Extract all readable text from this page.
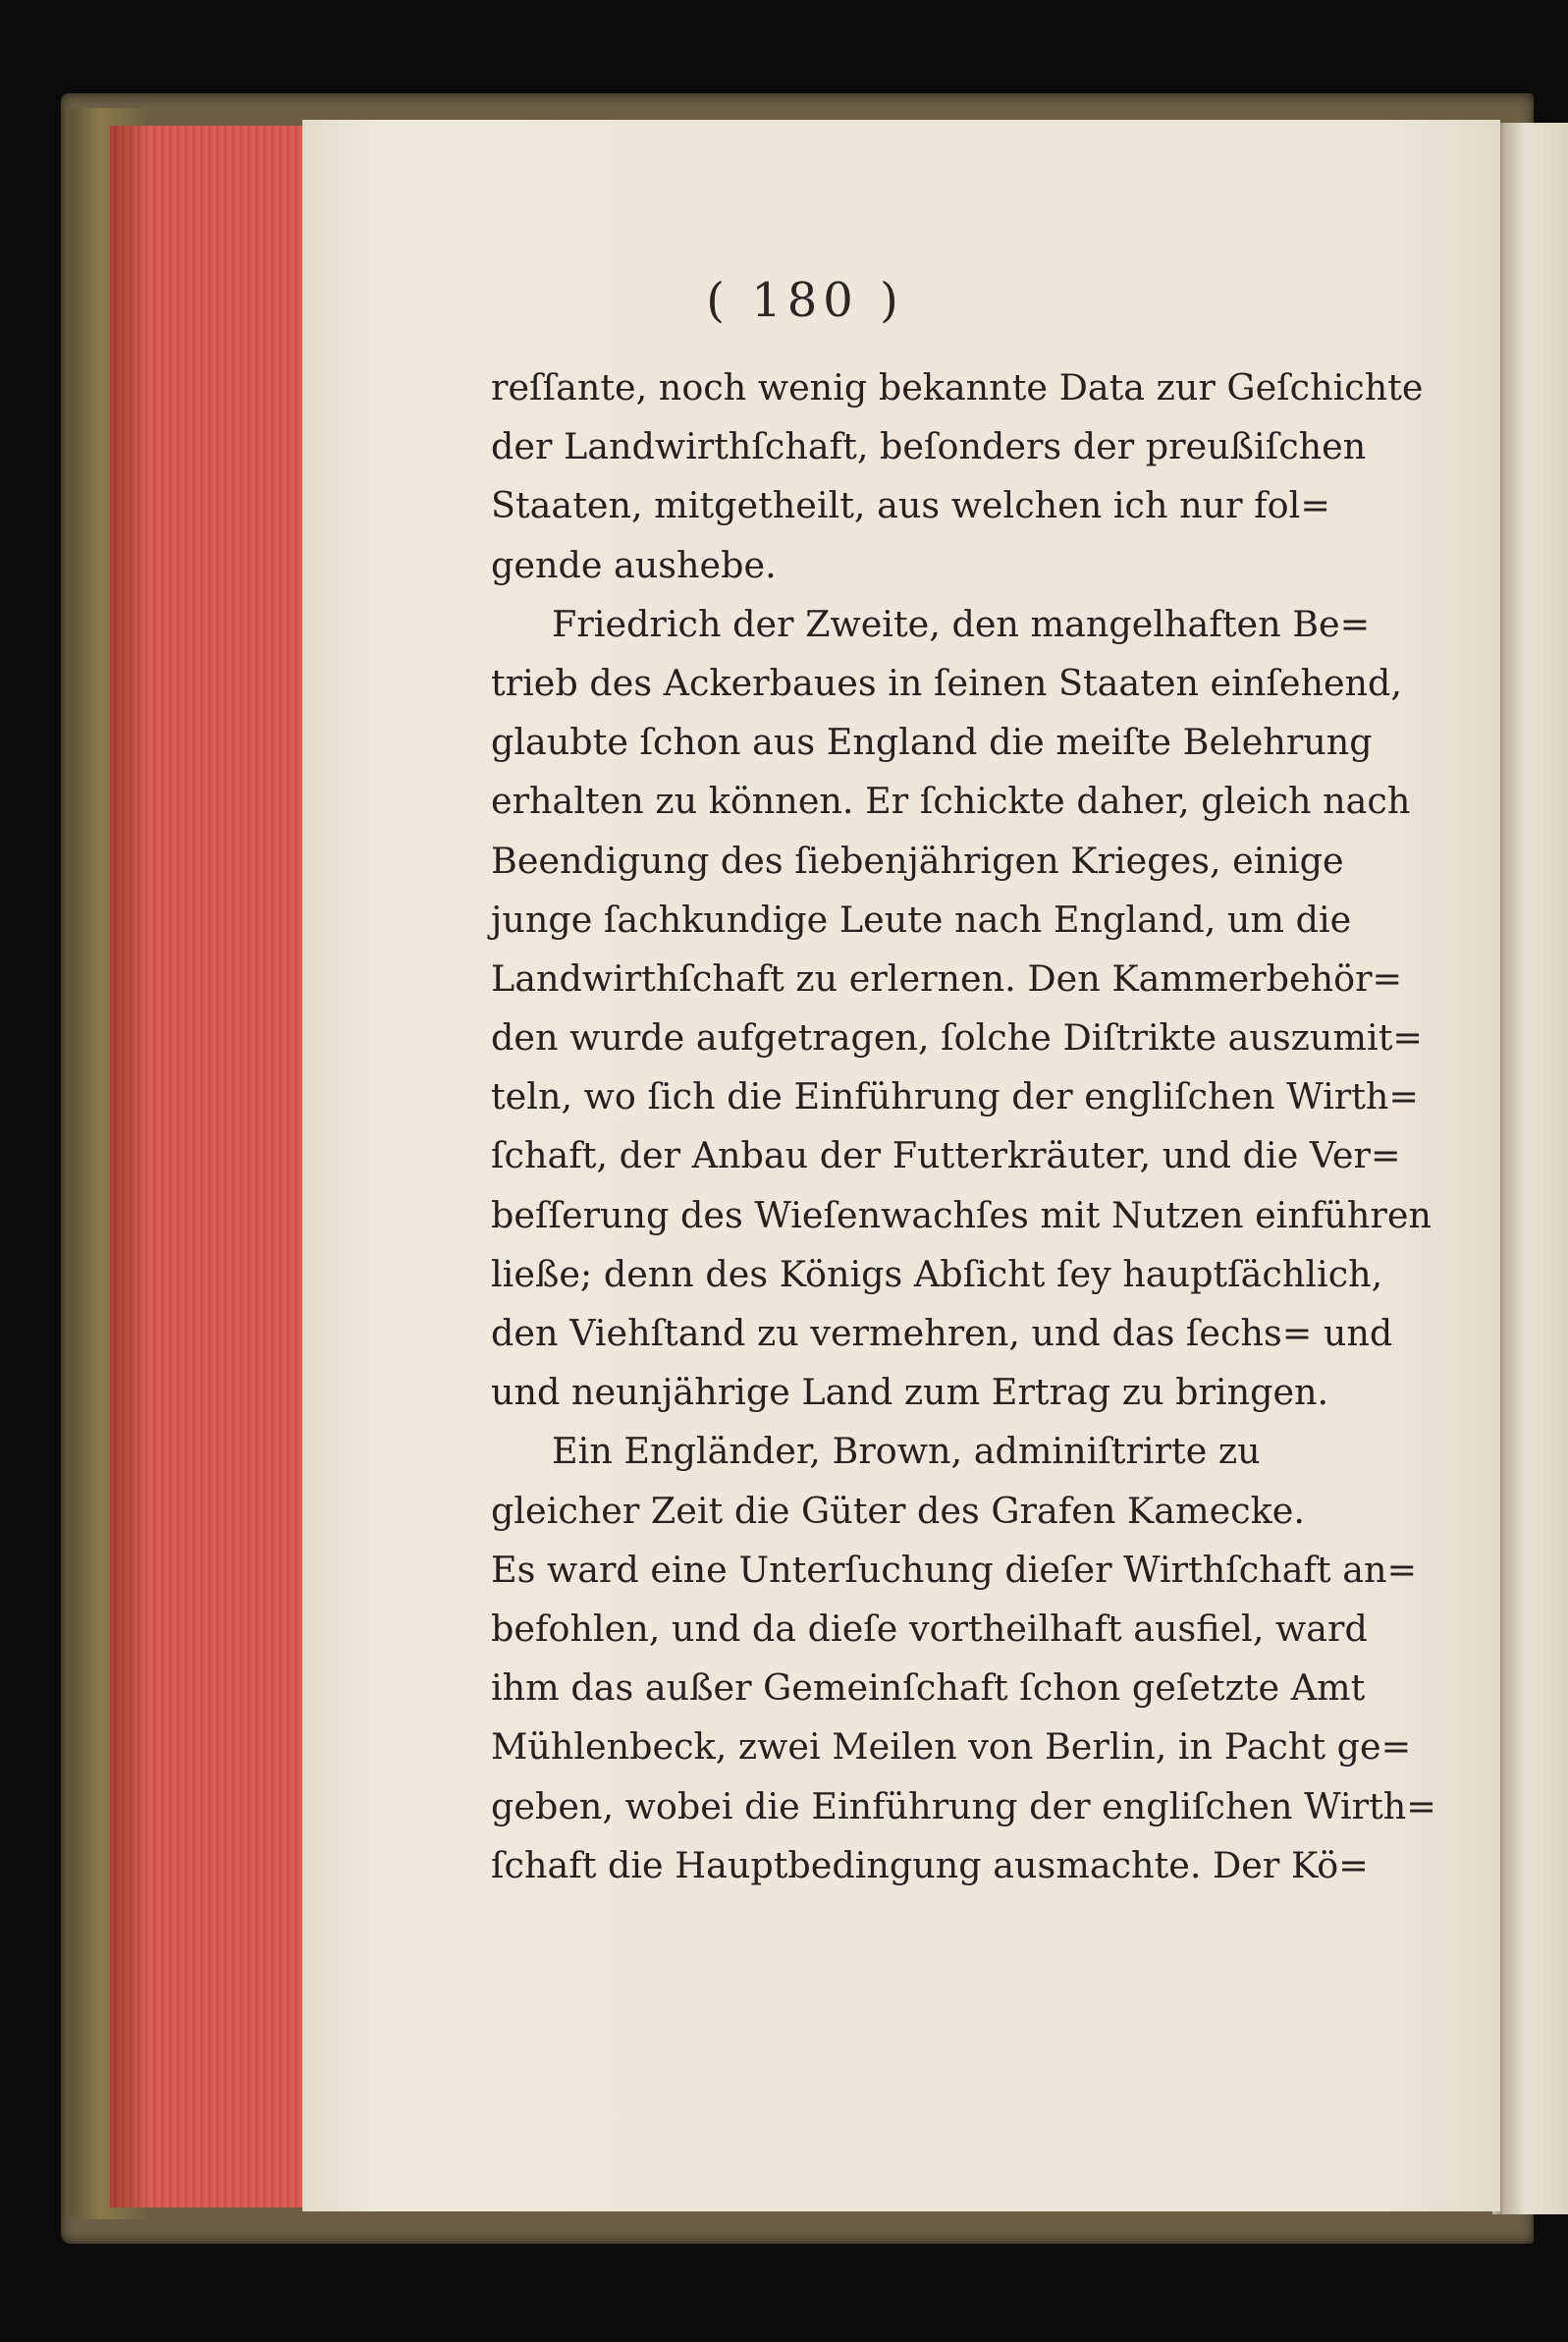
( 180 )
reſſante, noch wenig bekannte Data zur Geſchichte
der Landwirthſchaft, beſonders der preußiſchen
Staaten, mitgetheilt, aus welchen ich nur fol=
gende aushebe.
Friedrich der Zweite, den mangelhaften Be=
trieb des Ackerbaues in ſeinen Staaten einſehend,
glaubte ſchon aus England die meiſte Belehrung
erhalten zu können. Er ſchickte daher, gleich nach
Beendigung des ſiebenjährigen Krieges, einige
junge ſachkundige Leute nach England, um die
Landwirthſchaft zu erlernen. Den Kammerbehör=
den wurde aufgetragen, ſolche Diſtrikte auszumit=
teln, wo ſich die Einführung der engliſchen Wirth=
ſchaft, der Anbau der Futterkräuter, und die Ver=
beſſerung des Wieſenwachſes mit Nutzen einführen
ließe; denn des Königs Abſicht ſey hauptſächlich,
den Viehſtand zu vermehren, und das ſechs= und
und neunjährige Land zum Ertrag zu bringen.
Ein Engländer, Brown, adminiſtrirte zu
gleicher Zeit die Güter des Grafen Kamecke.
Es ward eine Unterſuchung dieſer Wirthſchaft an=
befohlen, und da dieſe vortheilhaft ausfiel, ward
ihm das außer Gemeinſchaft ſchon geſetzte Amt
Mühlenbeck, zwei Meilen von Berlin, in Pacht ge=
geben, wobei die Einführung der engliſchen Wirth=
ſchaft die Hauptbedingung ausmachte. Der Kö=
